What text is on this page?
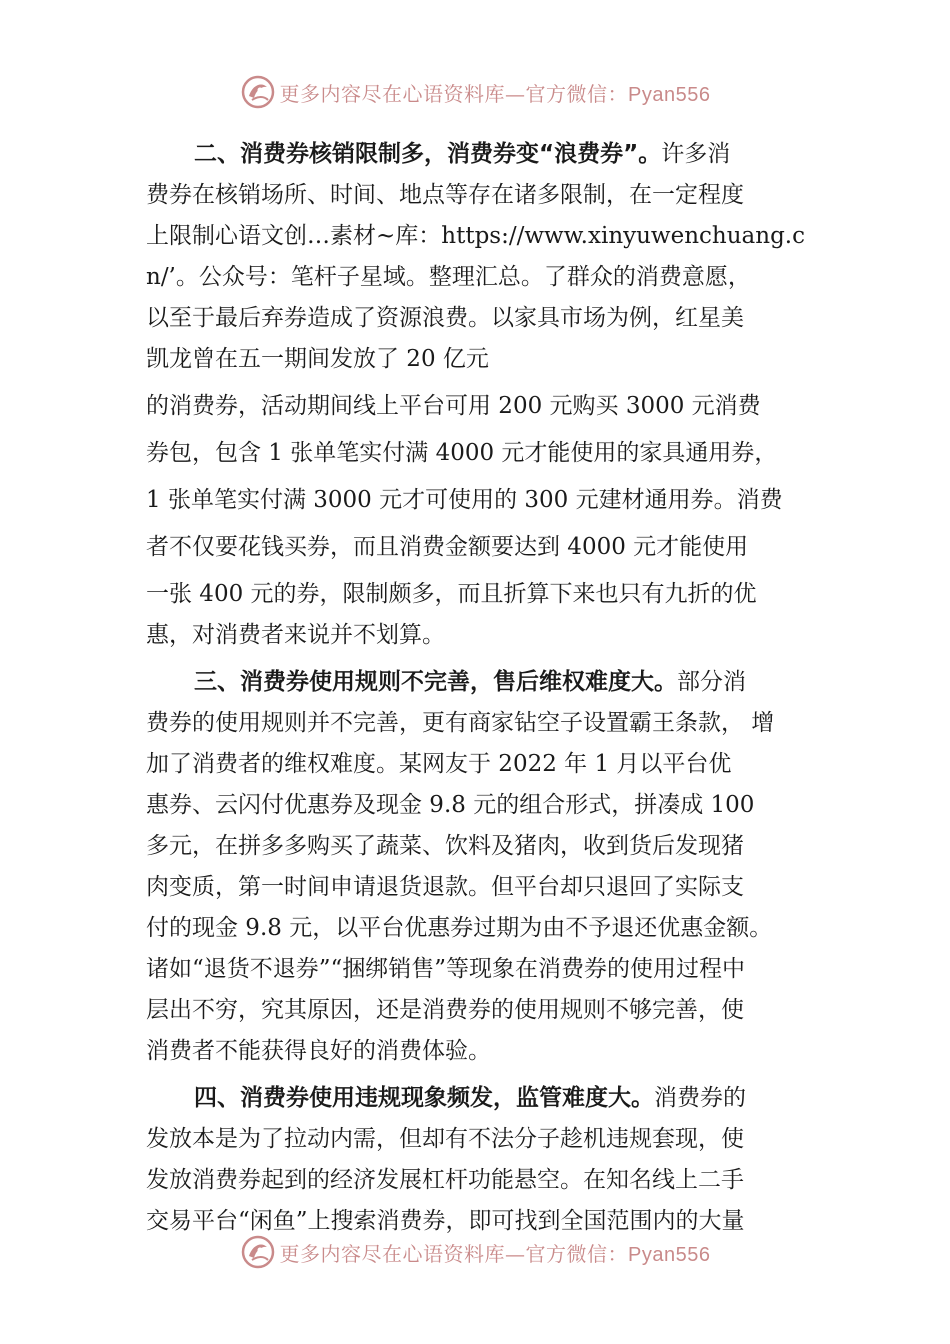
更多内容尽在心语资料库—官方微信：Pyan556
二、消费券核销限制多，消费券变“浪费券”。许多消
费券在核销场所、时间、地点等存在诸多限制，在一定程度
上限制心语文创…素材~库：https://www.xinyuwenchuang.c
n/’。公众号：笔杆子星域。整理汇总。了群众的消费意愿，
以至于最后弃券造成了资源浪费。以家具市场为例，红星美
凯龙曾在五一期间发放了 20 亿元
的消费券，活动期间线上平台可用 200 元购买 3000 元消费
券包，包含 1 张单笔实付满 4000 元才能使用的家具通用券，
1 张单笔实付满 3000 元才可使用的 300 元建材通用券。消费
者不仅要花钱买券，而且消费金额要达到 4000 元才能使用
一张 400 元的券，限制颇多，而且折算下来也只有九折的优
惠，对消费者来说并不划算。
三、消费券使用规则不完善，售后维权难度大。部分消
费券的使用规则并不完善，更有商家钻空子设置霸王条款， 增
加了消费者的维权难度。某网友于 2022 年 1 月以平台优
惠券、云闪付优惠券及现金 9.8 元的组合形式，拼凑成 100
多元，在拼多多购买了蔬菜、饮料及猪肉，收到货后发现猪
肉变质，第一时间申请退货退款。但平台却只退回了实际支
付的现金 9.8 元，以平台优惠券过期为由不予退还优惠金额。
诸如“退货不退券”“捆绑销售”等现象在消费券的使用过程中
层出不穷，究其原因，还是消费券的使用规则不够完善，使
消费者不能获得良好的消费体验。
四、消费券使用违规现象频发，监管难度大。消费券的
发放本是为了拉动内需，但却有不法分子趁机违规套现，使
发放消费券起到的经济发展杠杆功能悬空。在知名线上二手
交易平台“闲鱼”上搜索消费券，即可找到全国范围内的大量
更多内容尽在心语资料库—官方微信：Pyan556
